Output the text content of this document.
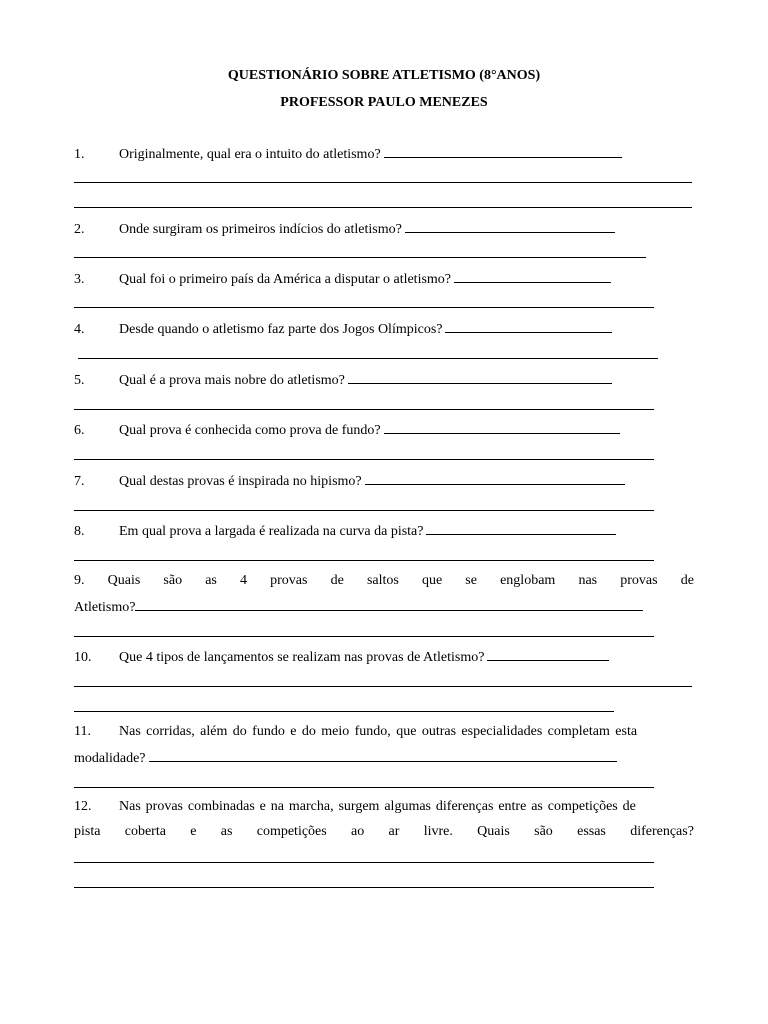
QUESTIONÁRIO SOBRE ATLETISMO (8°ANOS)
PROFESSOR PAULO MENEZES
1. Originalmente, qual era o intuito do atletismo?
2. Onde surgiram os primeiros indícios do atletismo?
3. Qual foi o primeiro país da América a disputar o atletismo?
4. Desde quando o atletismo faz parte dos Jogos Olímpicos?
5. Qual é a prova mais nobre do atletismo?
6. Qual prova é conhecida como prova de fundo?
7. Qual destas provas é inspirada no hipismo?
8. Em qual prova a largada é realizada na curva da pista?
9. Quais são as 4 provas de saltos que se englobam nas provas de
Atletismo?
10. Que 4 tipos de lançamentos se realizam nas provas de Atletismo?
11. Nas corridas, além do fundo e do meio fundo, que outras especialidades completam esta
modalidade?
12. Nas provas combinadas e na marcha, surgem algumas diferenças entre as competições de
pista coberta e as competições ao ar livre. Quais são essas diferenças?
